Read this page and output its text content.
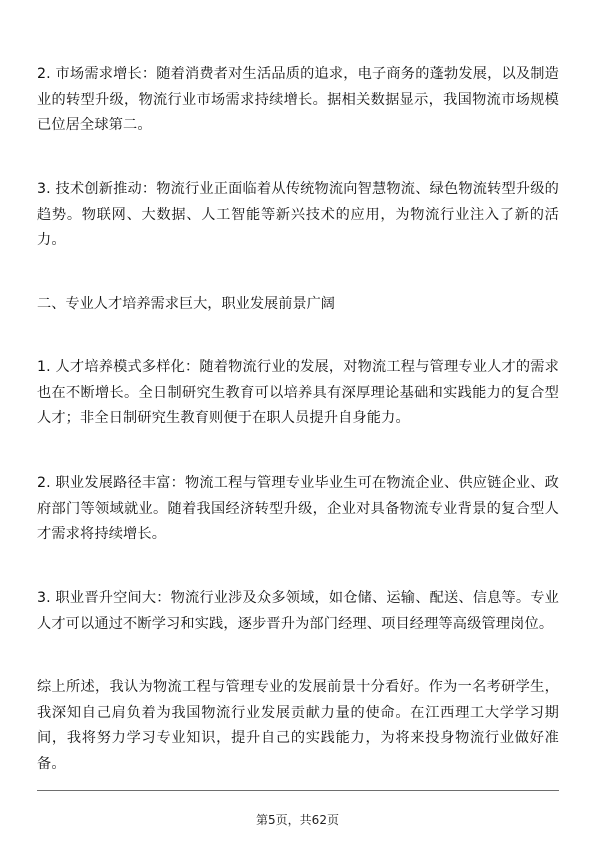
2. 市场需求增长：随着消费者对生活品质的追求，电子商务的蓬勃发展，以及制造业的转型升级，物流行业市场需求持续增长。据相关数据显示，我国物流市场规模已位居全球第二。

3. 技术创新推动：物流行业正面临着从传统物流向智慧物流、绿色物流转型升级的趋势。物联网、大数据、人工智能等新兴技术的应用，为物流行业注入了新的活力。

二、专业人才培养需求巨大，职业发展前景广阔

1. 人才培养模式多样化：随着物流行业的发展，对物流工程与管理专业人才的需求也在不断增长。全日制研究生教育可以培养具有深厚理论基础和实践能力的复合型人才；非全日制研究生教育则便于在职人员提升自身能力。

2. 职业发展路径丰富：物流工程与管理专业毕业生可在物流企业、供应链企业、政府部门等领域就业。随着我国经济转型升级，企业对具备物流专业背景的复合型人才需求将持续增长。

3. 职业晋升空间大：物流行业涉及众多领域，如仓储、运输、配送、信息等。专业人才可以通过不断学习和实践，逐步晋升为部门经理、项目经理等高级管理岗位。

综上所述，我认为物流工程与管理专业的发展前景十分看好。作为一名考研学生，我深知自己肩负着为我国物流行业发展贡献力量的使命。在江西理工大学学习期间，我将努力学习专业知识，提升自己的实践能力，为将来投身物流行业做好准备。

第5页，共62页
